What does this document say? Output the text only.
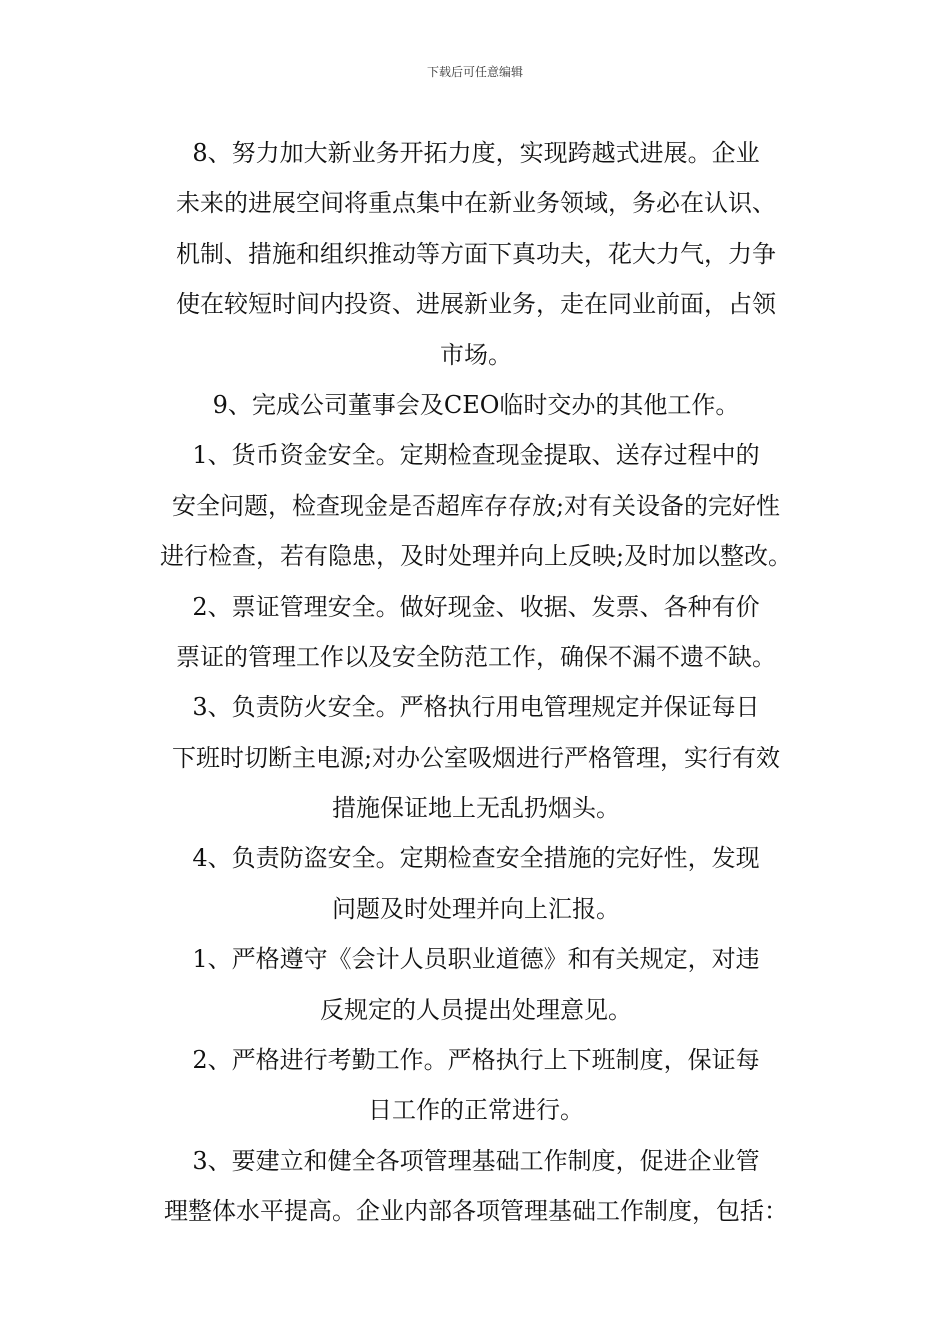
下载后可任意编辑
8、努力加大新业务开拓力度，实现跨越式进展。企业
未来的进展空间将重点集中在新业务领域，务必在认识、
机制、措施和组织推动等方面下真功夫，花大力气，力争
使在较短时间内投资、进展新业务，走在同业前面，占领
市场。
9、完成公司董事会及CEO临时交办的其他工作。
1、货币资金安全。定期检查现金提取、送存过程中的
安全问题，检查现金是否超库存存放;对有关设备的完好性
进行检查，若有隐患，及时处理并向上反映;及时加以整改。
2、票证管理安全。做好现金、收据、发票、各种有价
票证的管理工作以及安全防范工作，确保不漏不遗不缺。
3、负责防火安全。严格执行用电管理规定并保证每日
下班时切断主电源;对办公室吸烟进行严格管理，实行有效
措施保证地上无乱扔烟头。
4、负责防盗安全。定期检查安全措施的完好性，发现
问题及时处理并向上汇报。
1、严格遵守《会计人员职业道德》和有关规定，对违
反规定的人员提出处理意见。
2、严格进行考勤工作。严格执行上下班制度，保证每
日工作的正常进行。
3、要建立和健全各项管理基础工作制度，促进企业管
理整体水平提高。企业内部各项管理基础工作制度，包括：
